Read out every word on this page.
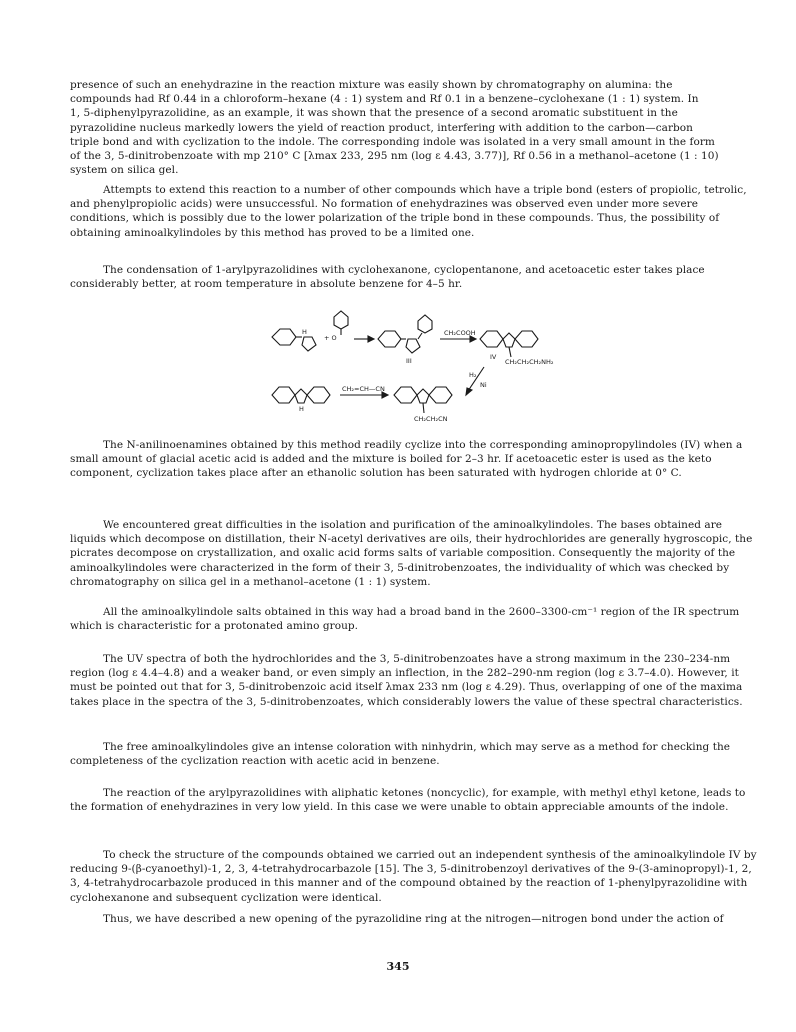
presence of such an enehydrazine in the reaction mixture was easily shown by chromatography on alumina: the
compounds had Rf 0.44 in a chloroform–hexane (4 : 1) system and Rf 0.1 in a benzene–cyclohexane (1 : 1) system. In
1, 5-diphenylpyrazolidine, as an example, it was shown that the presence of a second aromatic substituent in the
pyrazolidine nucleus markedly lowers the yield of reaction product, interfering with addition to the carbon—carbon
triple bond and with cyclization to the indole. The corresponding indole was isolated in a very small amount in the form
of the 3, 5-dinitrobenzoate with mp 210° C [λmax 233, 295 nm (log ε 4.43, 3.77)], Rf 0.56 in a methanol–acetone (1 : 10)
system on silica gel.

Attempts to extend this reaction to a number of other compounds which have a triple bond (esters of propiolic, tetrolic, and phenylpropiolic acids) were unsuccessful. No formation of enehydrazines was observed even under more severe conditions, which is possibly due to the lower polarization of the triple bond in these compounds. Thus, the possibility of obtaining aminoalkylindoles by this method has proved to be a limited one.

The condensation of 1-arylpyrazolidines with cyclohexanone, cyclopentanone, and acetoacetic ester takes place considerably better, at room temperature in absolute benzene for 4–5 hr.

H
+ O
III
CH₂COOH
IV
CH₂CH₂CH₂NH₂
H₂
Ni
CH₂=CH—CN
H
CH₂CH₂CN

The N-anilinoenamines obtained by this method readily cyclize into the corresponding aminopropylindoles (IV) when a small amount of glacial acetic acid is added and the mixture is boiled for 2–3 hr. If acetoacetic ester is used as the keto component, cyclization takes place after an ethanolic solution has been saturated with hydrogen chloride at 0° C.

We encountered great difficulties in the isolation and purification of the aminoalkylindoles. The bases obtained are liquids which decompose on distillation, their N-acetyl derivatives are oils, their hydrochlorides are generally hygroscopic, the picrates decompose on crystallization, and oxalic acid forms salts of variable composition. Consequently the majority of the aminoalkylindoles were characterized in the form of their 3, 5-dinitrobenzoates, the individuality of which was checked by chromatography on silica gel in a methanol–acetone (1 : 1) system.

All the aminoalkylindole salts obtained in this way had a broad band in the 2600–3300-cm⁻¹ region of the IR spectrum which is characteristic for a protonated amino group.

The UV spectra of both the hydrochlorides and the 3, 5-dinitrobenzoates have a strong maximum in the 230–234-nm region (log ε 4.4–4.8) and a weaker band, or even simply an inflection, in the 282–290-nm region (log ε 3.7–4.0). However, it must be pointed out that for 3, 5-dinitrobenzoic acid itself λmax 233 nm (log ε 4.29). Thus, overlapping of one of the maxima takes place in the spectra of the 3, 5-dinitrobenzoates, which considerably lowers the value of these spectral characteristics.

The free aminoalkylindoles give an intense coloration with ninhydrin, which may serve as a method for checking the completeness of the cyclization reaction with acetic acid in benzene.

The reaction of the arylpyrazolidines with aliphatic ketones (noncyclic), for example, with methyl ethyl ketone, leads to the formation of enehydrazines in very low yield. In this case we were unable to obtain appreciable amounts of the indole.

To check the structure of the compounds obtained we carried out an independent synthesis of the aminoalkylindole IV by reducing 9-(β-cyanoethyl)-1, 2, 3, 4-tetrahydrocarbazole [15]. The 3, 5-dinitrobenzoyl derivatives of the 9-(3-aminopropyl)-1, 2, 3, 4-tetrahydrocarbazole produced in this manner and of the compound obtained by the reaction of 1-phenylpyrazolidine with cyclohexanone and subsequent cyclization were identical.

Thus, we have described a new opening of the pyrazolidine ring at the nitrogen—nitrogen bond under the action of

345
